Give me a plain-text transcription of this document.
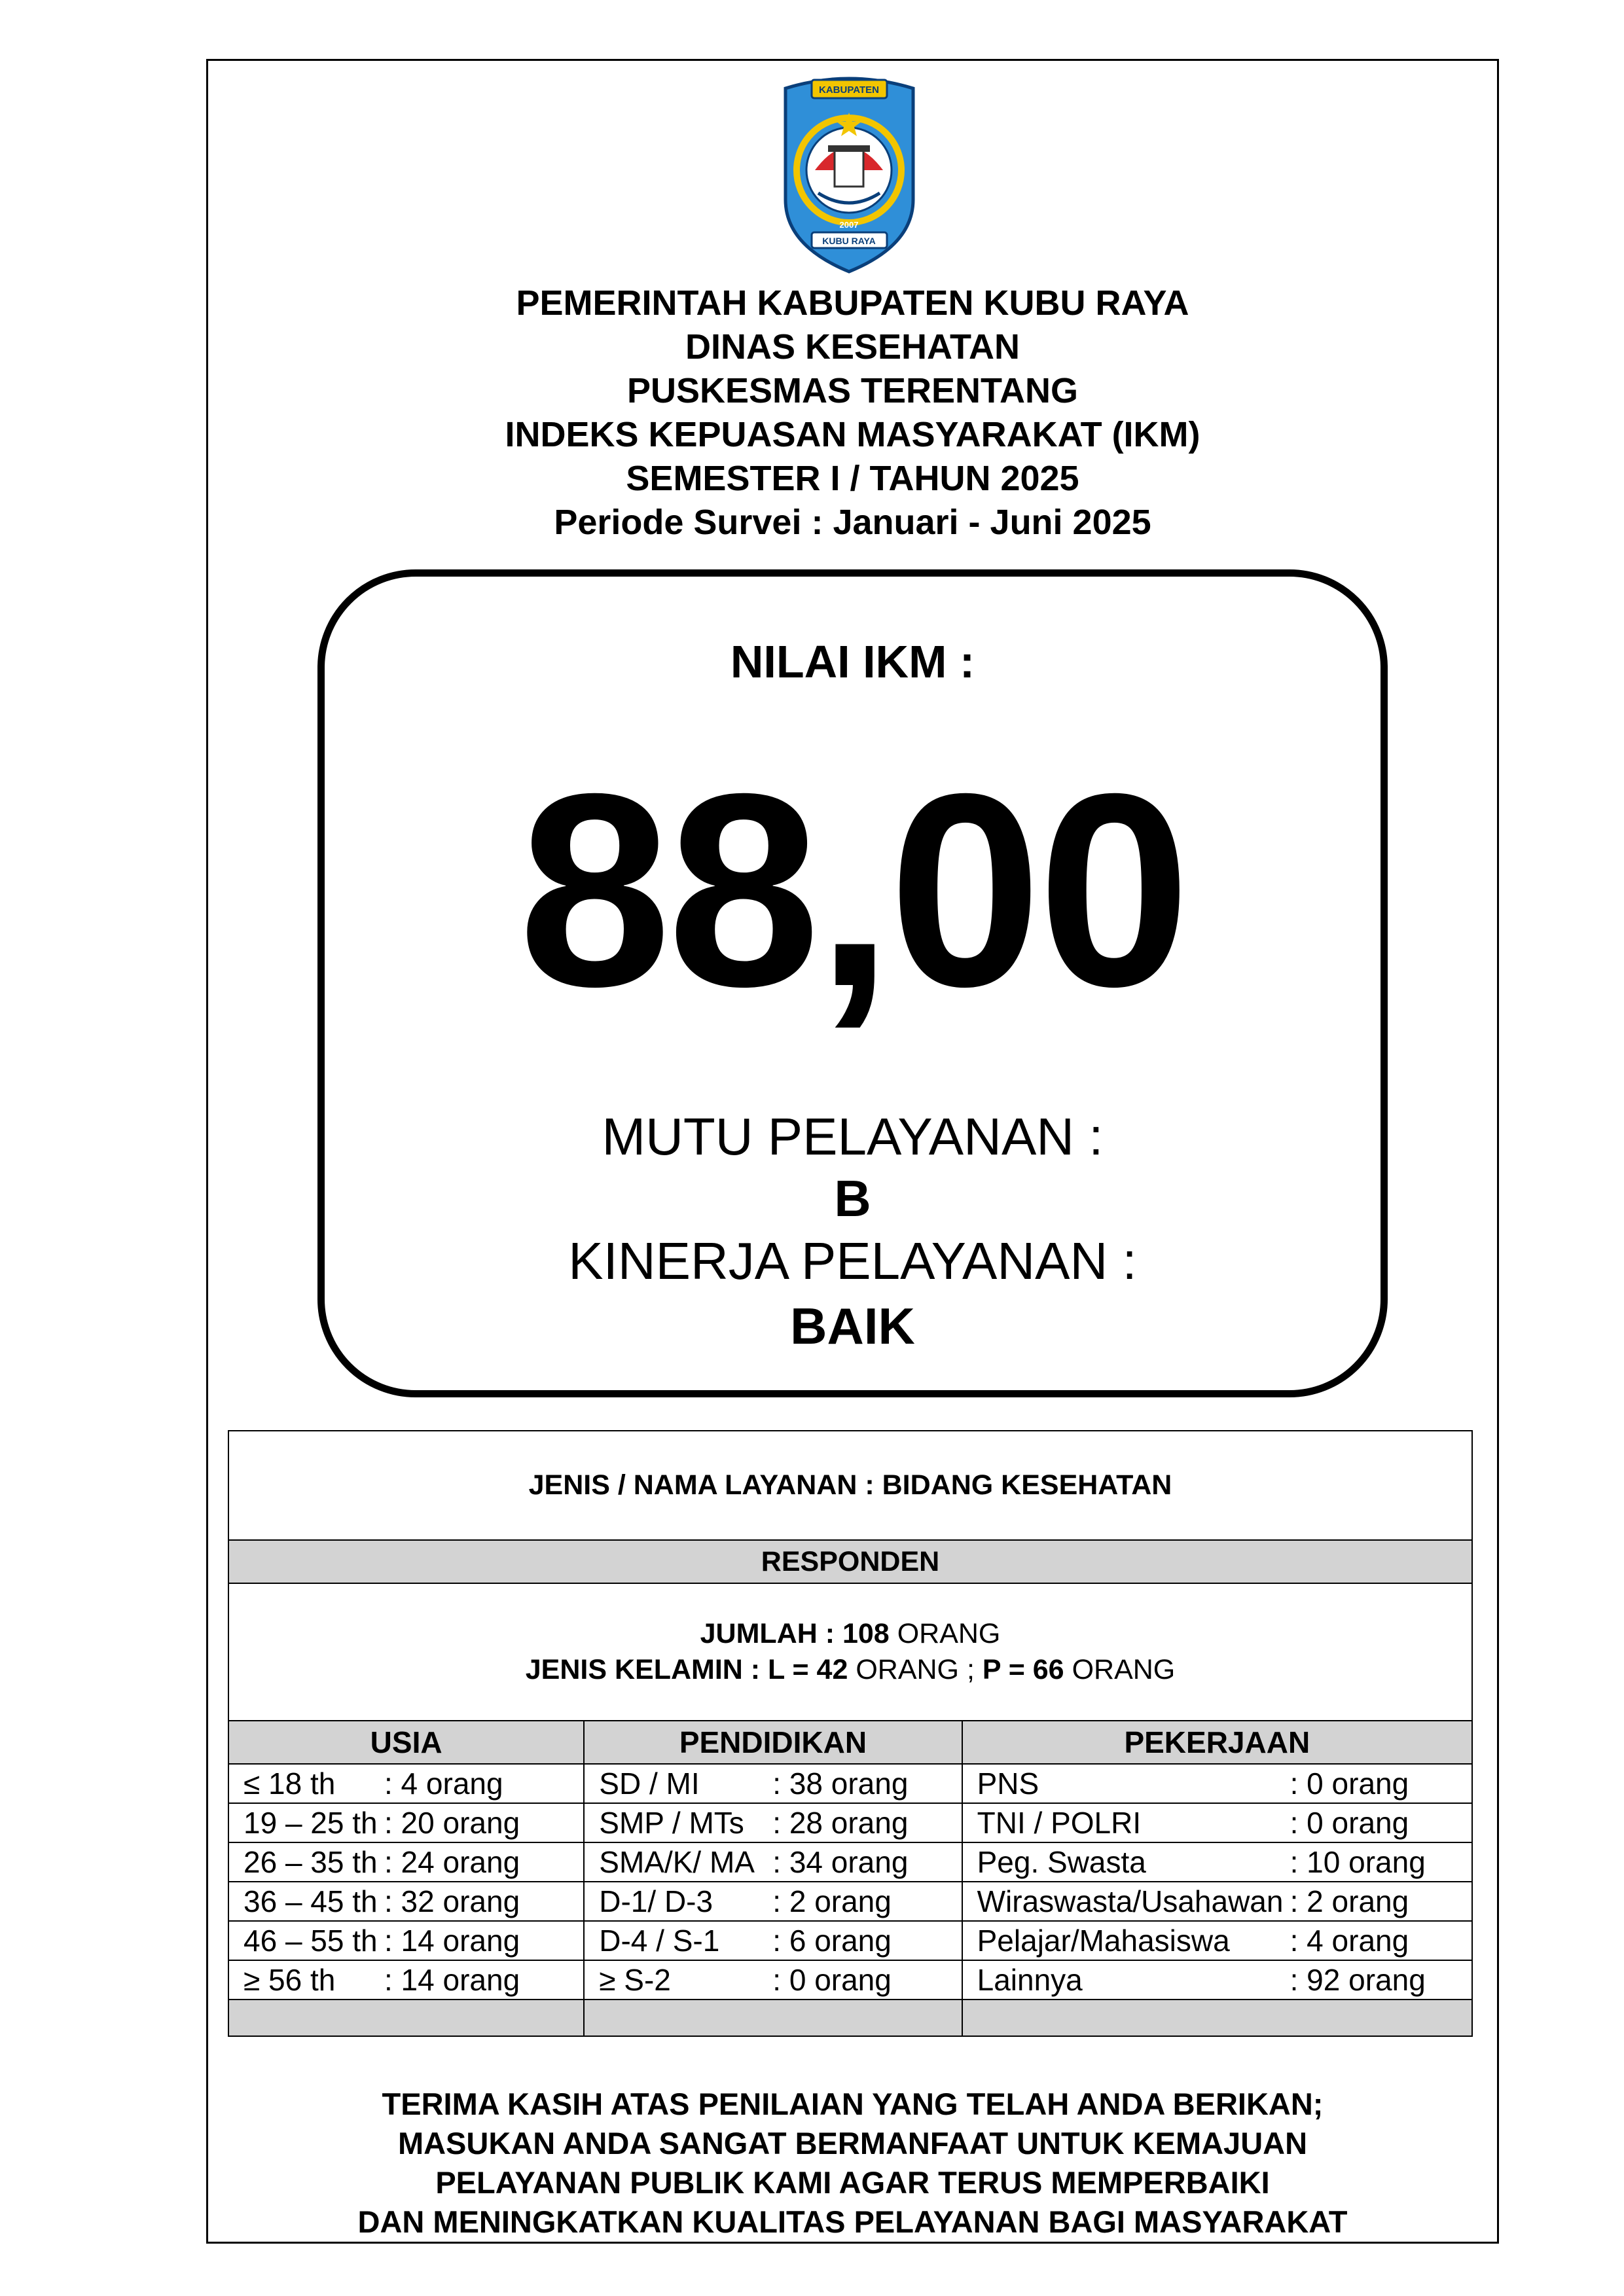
KABUPATEN
2007
KUBU RAYA
PEMERINTAH KABUPATEN KUBU RAYA
DINAS KESEHATAN
PUSKESMAS TERENTANG
INDEKS KEPUASAN MASYARAKAT (IKM)
SEMESTER I / TAHUN 2025
Periode Survei : Januari - Juni 2025
NILAI IKM :
88,00
MUTU PELAYANAN :
B
KINERJA PELAYANAN :
BAIK
JENIS / NAMA LAYANAN : BIDANG KESEHATAN		
RESPONDEN		

JUMLAH : 108 ORANG
JENIS KELAMIN : L = 42 ORANG ; P = 66 ORANG		

USIA	PENDIDIKAN	PEKERJAAN
≤ 18 th : 4 orang	SD / MI : 38 orang	PNS : 0 orang
19 – 25 th : 20 orang	SMP / MTs : 28 orang	TNI / POLRI : 0 orang
26 – 35 th : 24 orang	SMA/K/ MA : 34 orang	Peg. Swasta : 10 orang
36 – 45 th : 32 orang	D-1/ D-3 : 2 orang	Wiraswasta/Usahawan : 2 orang
46 – 55 th : 14 orang	D-4 / S-1 : 6 orang	Pelajar/Mahasiswa : 4 orang
≥ 56 th : 14 orang	≥ S-2 : 0 orang	Lainnya : 92 orang

TERIMA KASIH ATAS PENILAIAN YANG TELAH ANDA BERIKAN;
MASUKAN ANDA SANGAT BERMANFAAT UNTUK KEMAJUAN
PELAYANAN PUBLIK KAMI AGAR TERUS MEMPERBAIKI
DAN MENINGKATKAN KUALITAS PELAYANAN BAGI MASYARAKAT
